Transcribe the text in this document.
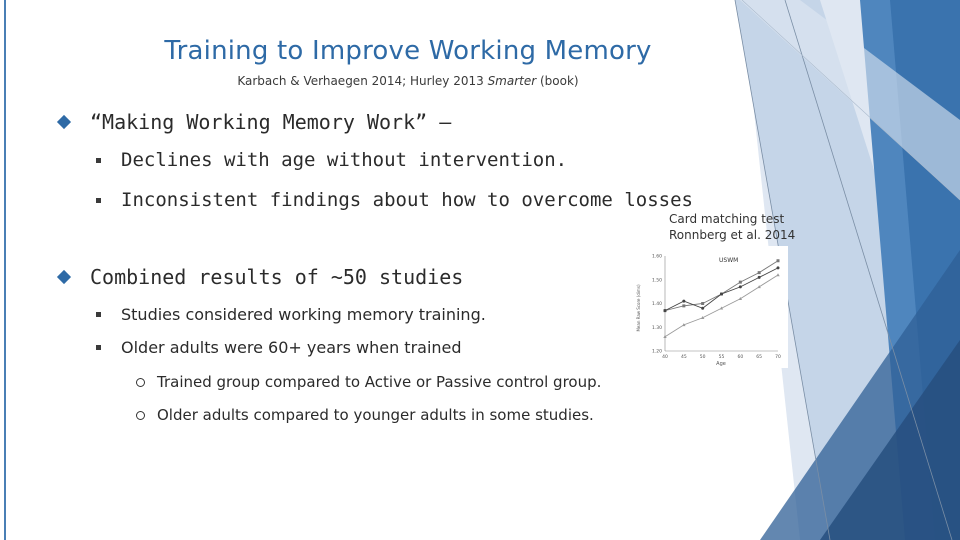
Training to Improve Working Memory
Karbach & Verhaegen 2014; Hurley 2013 Smarter (book)
“Making Working Memory Work” –
Declines with age without intervention.
Inconsistent findings about how to overcome losses
Combined results of ~50 studies
Studies considered working memory training.
Older adults were 60+ years when trained
Trained group compared to Active or Passive control group.
Older adults compared to younger adults in some studies.
Card matching test
Ronnberg et al. 2014
Mean Raw Score (dims)
USWM
Age
1.20
1.30
1.40
1.50
1.60
40	45	50	55	60	65	70
